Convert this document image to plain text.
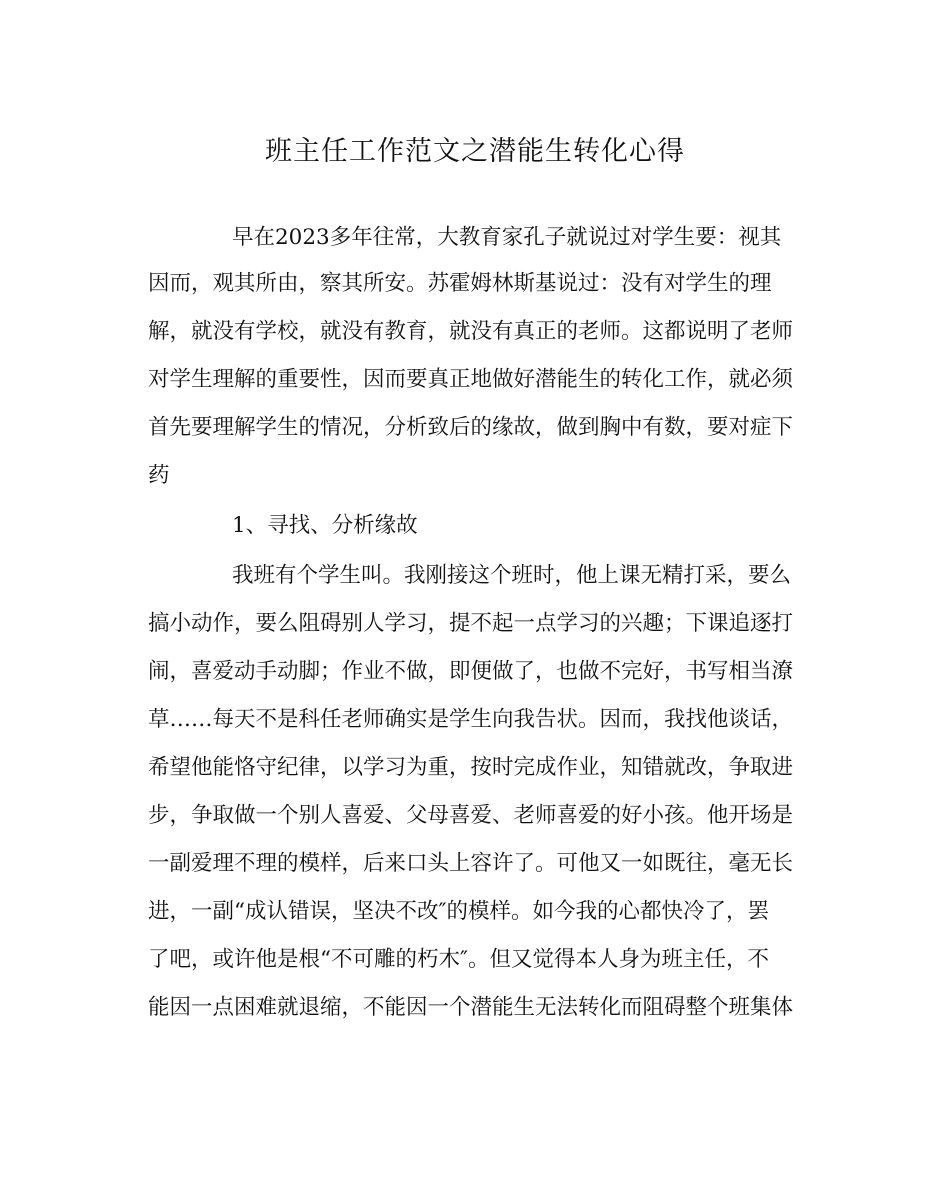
班主任工作范文之潜能生转化心得
早在2023多年往常，大教育家孔子就说过对学生要：视其
因而，观其所由，察其所安。苏霍姆林斯基说过：没有对学生的理
解，就没有学校，就没有教育，就没有真正的老师。这都说明了老师
对学生理解的重要性，因而要真正地做好潜能生的转化工作，就必须
首先要理解学生的情况，分析致后的缘故，做到胸中有数，要对症下
药
1、寻找、分析缘故
我班有个学生叫。我刚接这个班时，他上课无精打采，要么
搞小动作，要么阻碍别人学习，提不起一点学习的兴趣；下课追逐打
闹，喜爱动手动脚；作业不做，即便做了，也做不完好，书写相当潦
草……每天不是科任老师确实是学生向我告状。因而，我找他谈话，
希望他能恪守纪律，以学习为重，按时完成作业，知错就改，争取进
步，争取做一个别人喜爱、父母喜爱、老师喜爱的好小孩。他开场是
一副爱理不理的模样，后来口头上容许了。可他又一如既往，毫无长
进，一副“成认错误，坚决不改″的模样。如今我的心都快冷了，罢
了吧，或许他是根“不可雕的朽木″。但又觉得本人身为班主任，不
能因一点困难就退缩，不能因一个潜能生无法转化而阻碍整个班集体
